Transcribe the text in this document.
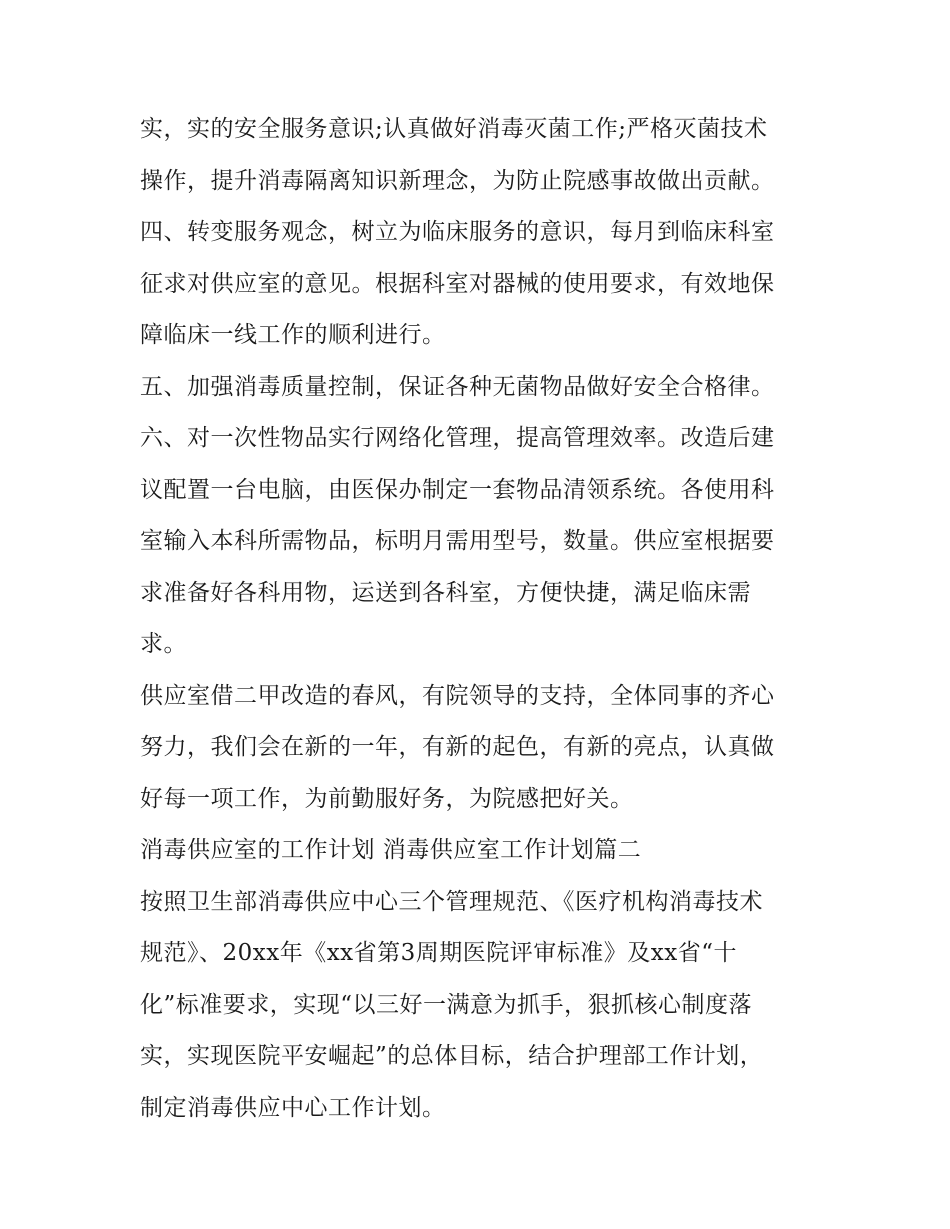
实，实的安全服务意识;认真做好消毒灭菌工作;严格灭菌技术
操作，提升消毒隔离知识新理念，为防止院感事故做出贡献。
四、转变服务观念，树立为临床服务的意识，每月到临床科室
征求对供应室的意见。根据科室对器械的使用要求，有效地保
障临床一线工作的顺利进行。
五、加强消毒质量控制，保证各种无菌物品做好安全合格律。
六、对一次性物品实行网络化管理，提高管理效率。改造后建
议配置一台电脑，由医保办制定一套物品清领系统。各使用科
室输入本科所需物品，标明月需用型号，数量。供应室根据要
求准备好各科用物，运送到各科室，方便快捷，满足临床需
求。
供应室借二甲改造的春风，有院领导的支持，全体同事的齐心
努力，我们会在新的一年，有新的起色，有新的亮点，认真做
好每一项工作，为前勤服好务，为院感把好关。
消毒供应室的工作计划 消毒供应室工作计划篇二
按照卫生部消毒供应中心三个管理规范、《医疗机构消毒技术
规范》、20xx年《xx省第3周期医院评审标准》及xx省“十
化”标准要求，实现“以三好一满意为抓手，狠抓核心制度落
实，实现医院平安崛起”的总体目标，结合护理部工作计划，
制定消毒供应中心工作计划。
